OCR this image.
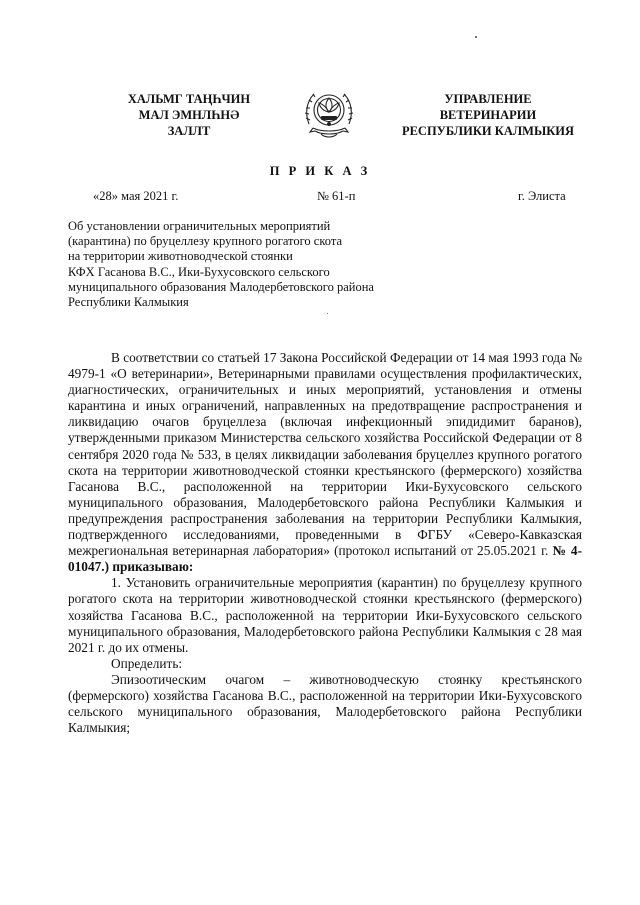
ХАЛЬМГ ТАҢҺЧИН
МАЛ ЭМНЛҺНӘ
ЗАЛЛТ
УПРАВЛЕНИЕ
ВЕТЕРИНАРИИ
РЕСПУБЛИКИ КАЛМЫКИЯ
П Р И К А З
«28» мая 2021 г.	№ 61-п	г. Элиста
Об установлении ограничительных мероприятий
(карантина) по бруцеллезу крупного рогатого скота
на территории животноводческой стоянки
КФХ Гасанова В.С., Ики-Бухусовского сельского
муниципального образования Малодербетовского района
Республики Калмыкия

В соответствии со статьей 17 Закона Российской Федерации от 14 мая 1993 года № 4979-1 «О ветеринарии», Ветеринарными правилами осуществления профилактических, диагностических, ограничительных и иных мероприятий, установления и отмены карантина и иных ограничений, направленных на предотвращение распространения и ликвидацию очагов бруцеллеза (включая инфекционный эпидидимит баранов), утвержденными приказом Министерства сельского хозяйства Российской Федерации от 8 сентября 2020 года № 533, в целях ликвидации заболевания бруцеллез крупного рогатого скота на территории животноводческой стоянки крестьянского (фермерского) хозяйства Гасанова В.С., расположенной на территории Ики-Бухусовского сельского муниципального образования, Малодербетовского района Республики Калмыкия и предупреждения распространения заболевания на территории Республики Калмыкия, подтвержденного исследованиями, проведенными в ФГБУ «Северо-Кавказская межрегиональная ветеринарная лаборатория» (протокол испытаний от 25.05.2021 г. № 4-01047.) приказываю:

1. Установить ограничительные мероприятия (карантин) по бруцеллезу крупного рогатого скота на территории животноводческой стоянки крестьянского (фермерского) хозяйства Гасанова В.С., расположенной на территории Ики-Бухусовского сельского муниципального образования, Малодербетовского района Республики Калмыкия с 28 мая 2021 г. до их отмены.

Определить:

Эпизоотическим очагом – животноводческую стоянку крестьянского (фермерского) хозяйства Гасанова В.С., расположенной на территории Ики-Бухусовского сельского муниципального образования, Малодербетовского района Республики Калмыкия;
